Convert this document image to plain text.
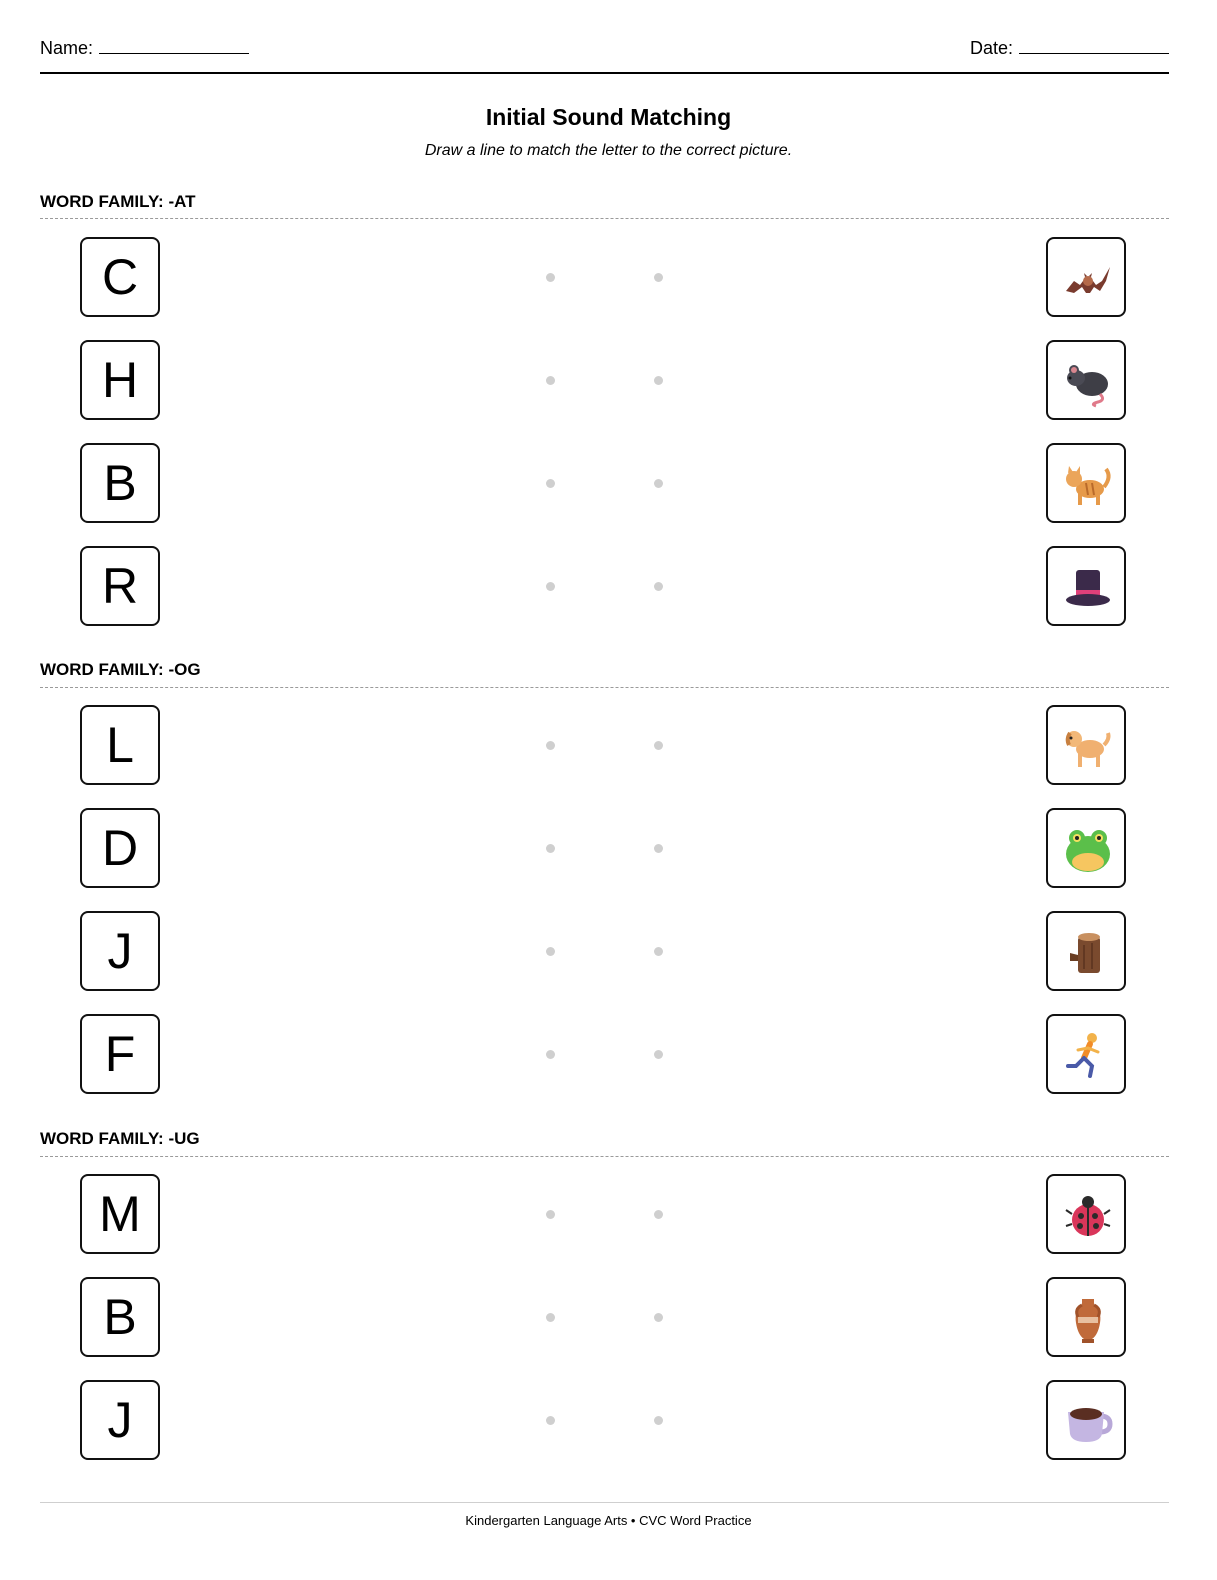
Name:	Date:
Initial Sound Matching
Draw a line to match the letter to the correct picture.
WORD FAMILY: -AT
C
H
B
R
WORD FAMILY: -OG
L
D
J
F
WORD FAMILY: -UG
M
B
J
Kindergarten Language Arts • CVC Word Practice
